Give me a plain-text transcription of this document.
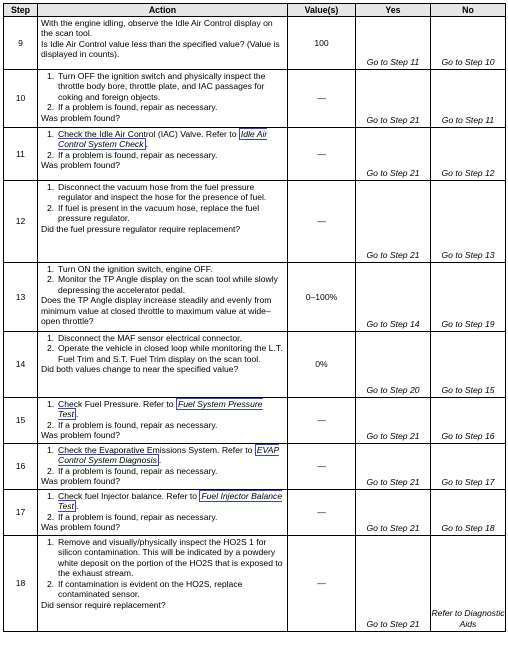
Step	Action	Value(s)	Yes	No
9	With the engine idling, observe the Idle Air Control display on the scan tool.
Is Idle Air Control value less than the specified value? (Value is displayed in counts).	100	Go to Step 11	Go to Step 10
10	1. Turn OFF the ignition switch and physically inspect the throttle body bore, throttle plate, and IAC passages for coking and foreign objects.
2. If a problem is found, repair as necessary.
Was problem found?	—	Go to Step 21	Go to Step 11
11	1. Check the Idle Air Control (IAC) Valve. Refer to Idle Air Control System Check .
2. If a problem is found, repair as necessary.
Was problem found?	—	Go to Step 21	Go to Step 12
12	1. Disconnect the vacuum hose from the fuel pressure regulator and inspect the hose for the presence of fuel.
2. If fuel is present in the vacuum hose, replace the fuel pressure regulator.
Did the fuel pressure regulator require replacement?	—	Go to Step 21	Go to Step 13
13	1. Turn ON the ignition switch, engine OFF.
2. Monitor the TP Angle display on the scan tool while slowly depressing the accelerator pedal.
Does the TP Angle display increase steadily and evenly from minimum value at closed throttle to maximum value at wide–open throttle?	0–100%	Go to Step 14	Go to Step 19
14	1. Disconnect the MAF sensor electrical connector.
2. Operate the vehicle in closed loop while monitoring the L.T. Fuel Trim and S.T. Fuel Trim display on the scan tool.
Did both values change to near the specified value?	0%	Go to Step 20	Go to Step 15
15	1. Check Fuel Pressure. Refer to Fuel System Pressure Test .
2. If a problem is found, repair as necessary.
Was problem found?	—	Go to Step 21	Go to Step 16
16	1. Check the Evaporative Emissions System. Refer to EVAP Control System Diagnosis .
2. If a problem is found, repair as necessary.
Was problem found?	—	Go to Step 21	Go to Step 17
17	1. Check fuel Injector balance. Refer to Fuel Injector Balance Test .
2. If a problem is found, repair as necessary.
Was problem found?	—	Go to Step 21	Go to Step 18
18	1. Remove and visually/physically inspect the HO2S 1 for silicon contamination. This will be indicated by a powdery white deposit on the portion of the HO2S that is exposed to the exhaust stream.
2. If contamination is evident on the HO2S, replace contaminated sensor.
Did sensor require replacement?	—	Go to Step 21	Refer to Diagnostic Aids
